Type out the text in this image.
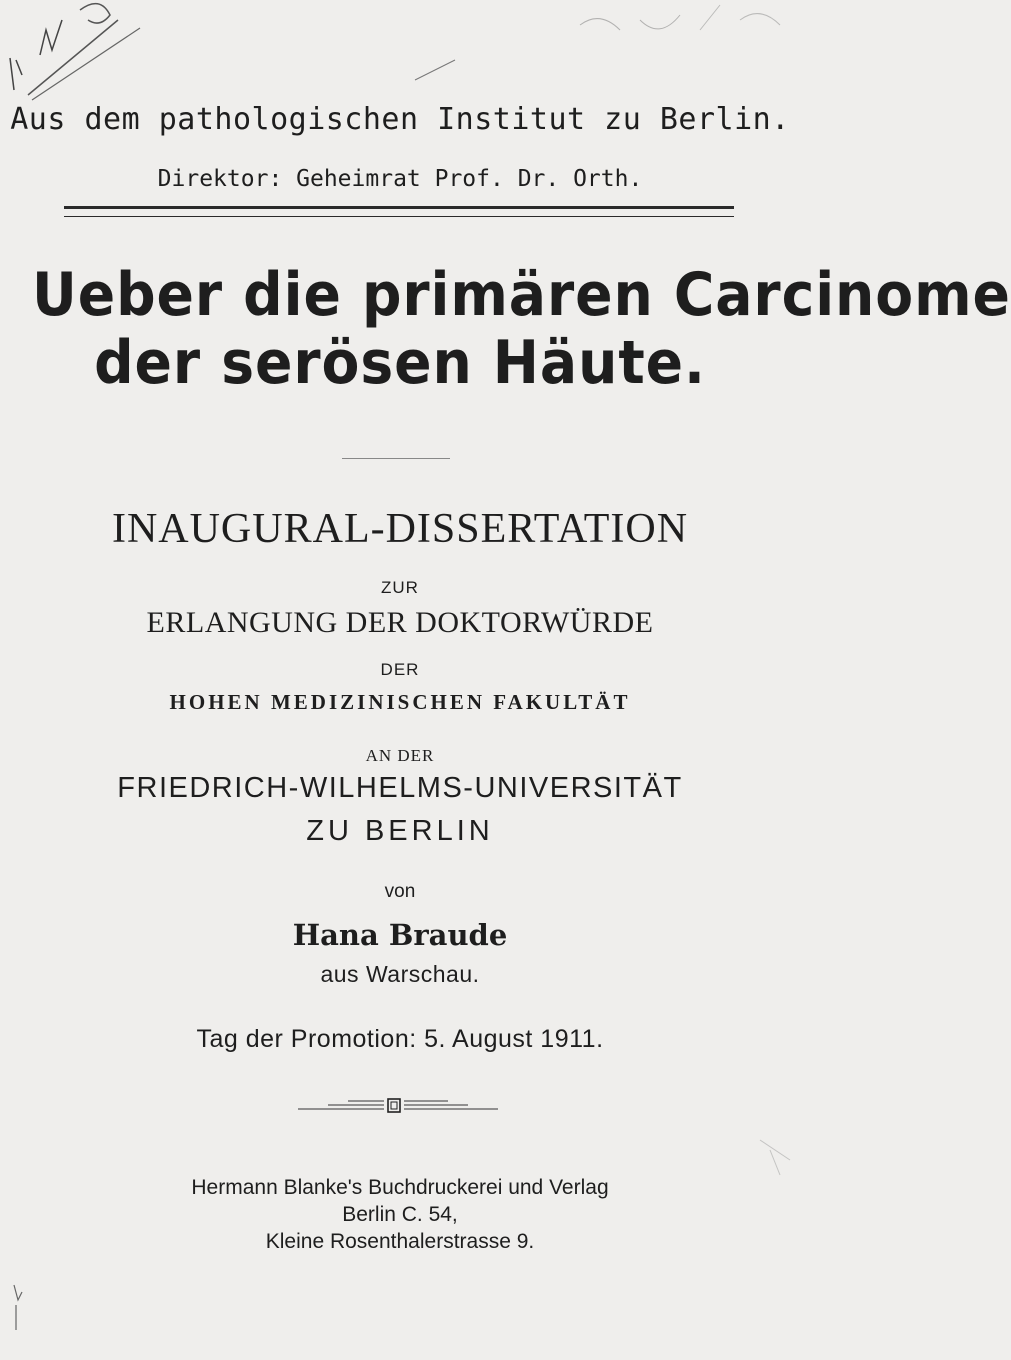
Aus dem pathologischen Institut zu Berlin.
Direktor: Geheimrat Prof. Dr. Orth.
Ueber die primären Carcinome
der serösen Häute.
INAUGURAL-DISSERTATION
ZUR
ERLANGUNG DER DOKTORWÜRDE
DER
HOHEN MEDIZINISCHEN FAKULTÄT
AN DER
FRIEDRICH-WILHELMS-UNIVERSITÄT
ZU BERLIN
von
Hana Braude
aus Warschau.
Tag der Promotion: 5. August 1911.
Hermann Blanke's Buchdruckerei und Verlag
Berlin C. 54,
Kleine Rosenthalerstrasse 9.
